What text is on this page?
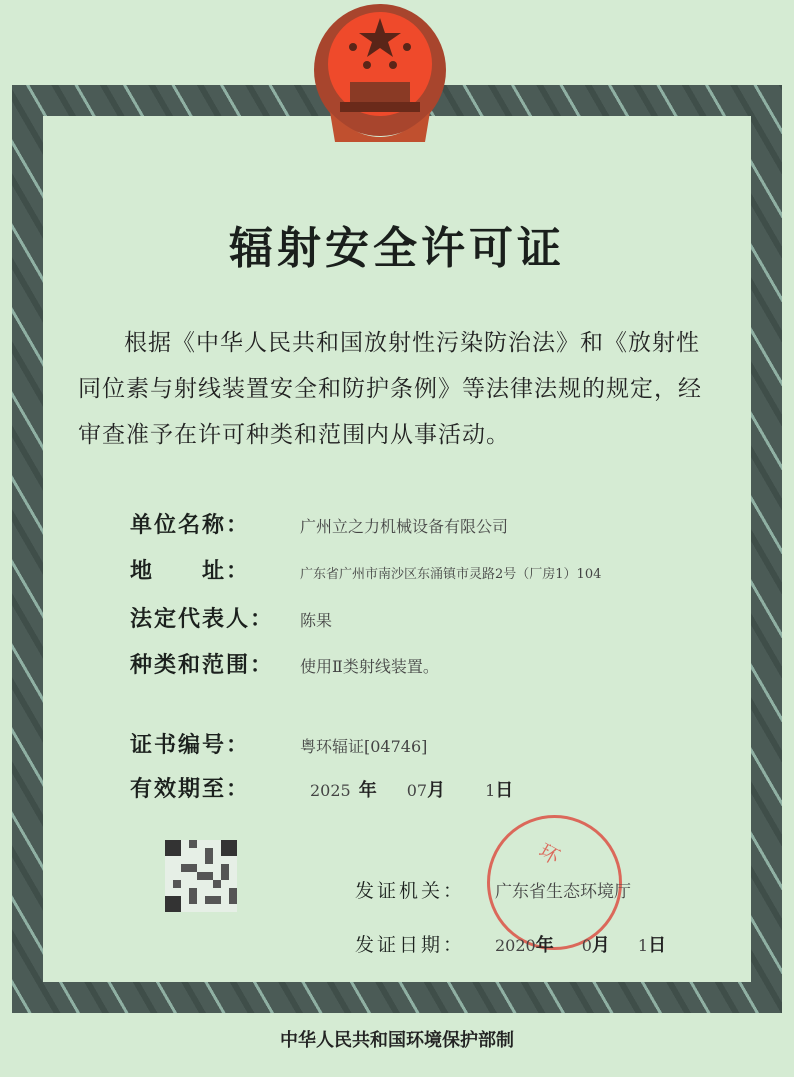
辐射安全许可证
根据《中华人民共和国放射性污染防治法》和《放射性同位素与射线装置安全和防护条例》等法律法规的规定，经审查准予在许可种类和范围内从事活动。
单位名称：	广州立之力机械设备有限公司
地　　址：	广东省广州市南沙区东涌镇市灵路2号（厂房1）104
法定代表人：	陈果
种类和范围：	使用Ⅱ类射线装置。
证书编号：	粤环辐证[04746]
有效期至：	2025 年 07 月	1 日
环
发证机关：	广东省生态环境厅
发证日期：	2020 年 0 月 1 日
中华人民共和国环境保护部制
